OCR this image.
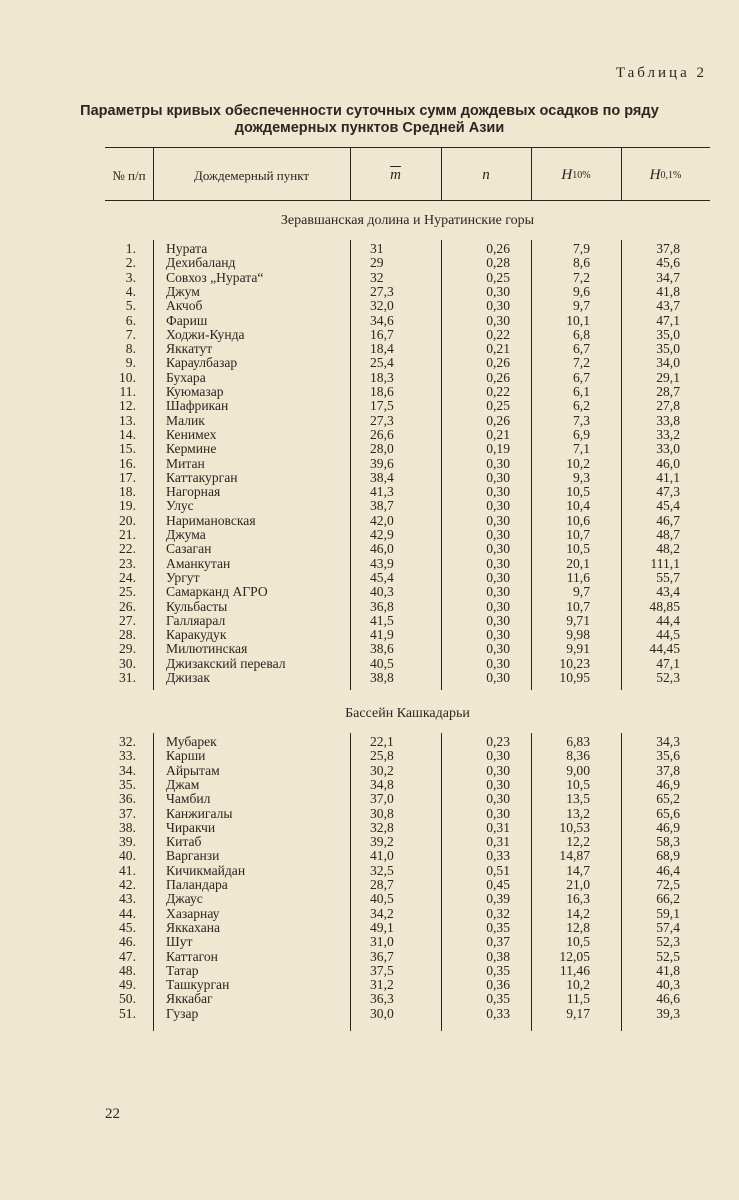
Таблица 2
Параметры кривых обеспеченности суточных сумм дождевых осадков по ряду
дождемерных пунктов Средней Азии
№ п/п	Дождемерный пункт	$\overline{m}$	n	H 10%	H 0,1%
Зеравшанская долина и Нуратинские горы
1. Нурата	31	0,26	7,9	37,8
2. Дехибаланд	29	0,28	8,6	45,6
3. Совхоз „Нурата“	32	0,25	7,2	34,7
4. Джум	27,3	0,30	9,6	41,8
5. Акчоб	32,0	0,30	9,7	43,7
6. Фариш	34,6	0,30	10,1	47,1
7. Ходжи-Кунда	16,7	0,22	6,8	35,0
8. Яккатут	18,4	0,21	6,7	35,0
9. Караулбазар	25,4	0,26	7,2	34,0
10. Бухара	18,3	0,26	6,7	29,1
11. Куюмазар	18,6	0,22	6,1	28,7
12. Шафрикан	17,5	0,25	6,2	27,8
13. Малик	27,3	0,26	7,3	33,8
14. Кенимех	26,6	0,21	6,9	33,2
15. Кермине	28,0	0,19	7,1	33,0
16. Митан	39,6	0,30	10,2	46,0
17. Каттакурган	38,4	0,30	9,3	41,1
18. Нагорная	41,3	0,30	10,5	47,3
19. Улус	38,7	0,30	10,4	45,4
20. Наримановская	42,0	0,30	10,6	46,7
21. Джума	42,9	0,30	10,7	48,7
22. Сазаган	46,0	0,30	10,5	48,2
23. Аманкутан	43,9	0,30	20,1	111,1
24. Ургут	45,4	0,30	11,6	55,7
25. Самарканд АГРО	40,3	0,30	9,7	43,4
26. Кульбасты	36,8	0,30	10,7	48,85
27. Галляарал	41,5	0,30	9,71	44,4
28. Каракудук	41,9	0,30	9,98	44,5
29. Милютинская	38,6	0,30	9,91	44,45
30. Джизакский перевал	40,5	0,30	10,23	47,1
31. Джизак	38,8	0,30	10,95	52,3
Бассейн Кашкадарьи
32. Мубарек	22,1	0,23	6,83	34,3
33. Карши	25,8	0,30	8,36	35,6
34. Айрытам	30,2	0,30	9,00	37,8
35. Джам	34,8	0,30	10,5	46,9
36. Чамбил	37,0	0,30	13,5	65,2
37. Канжигалы	30,8	0,30	13,2	65,6
38. Чиракчи	32,8	0,31	10,53	46,9
39. Китаб	39,2	0,31	12,2	58,3
40. Варганзи	41,0	0,33	14,87	68,9
41. Кичикмайдан	32,5	0,51	14,7	46,4
42. Паландара	28,7	0,45	21,0	72,5
43. Джаус	40,5	0,39	16,3	66,2
44. Хазарнау	34,2	0,32	14,2	59,1
45. Яккахана	49,1	0,35	12,8	57,4
46. Шут	31,0	0,37	10,5	52,3
47. Каттагон	36,7	0,38	12,05	52,5
48. Татар	37,5	0,35	11,46	41,8
49. Ташкурган	31,2	0,36	10,2	40,3
50. Яккабаг	36,3	0,35	11,5	46,6
51. Гузар	30,0	0,33	9,17	39,3
22
